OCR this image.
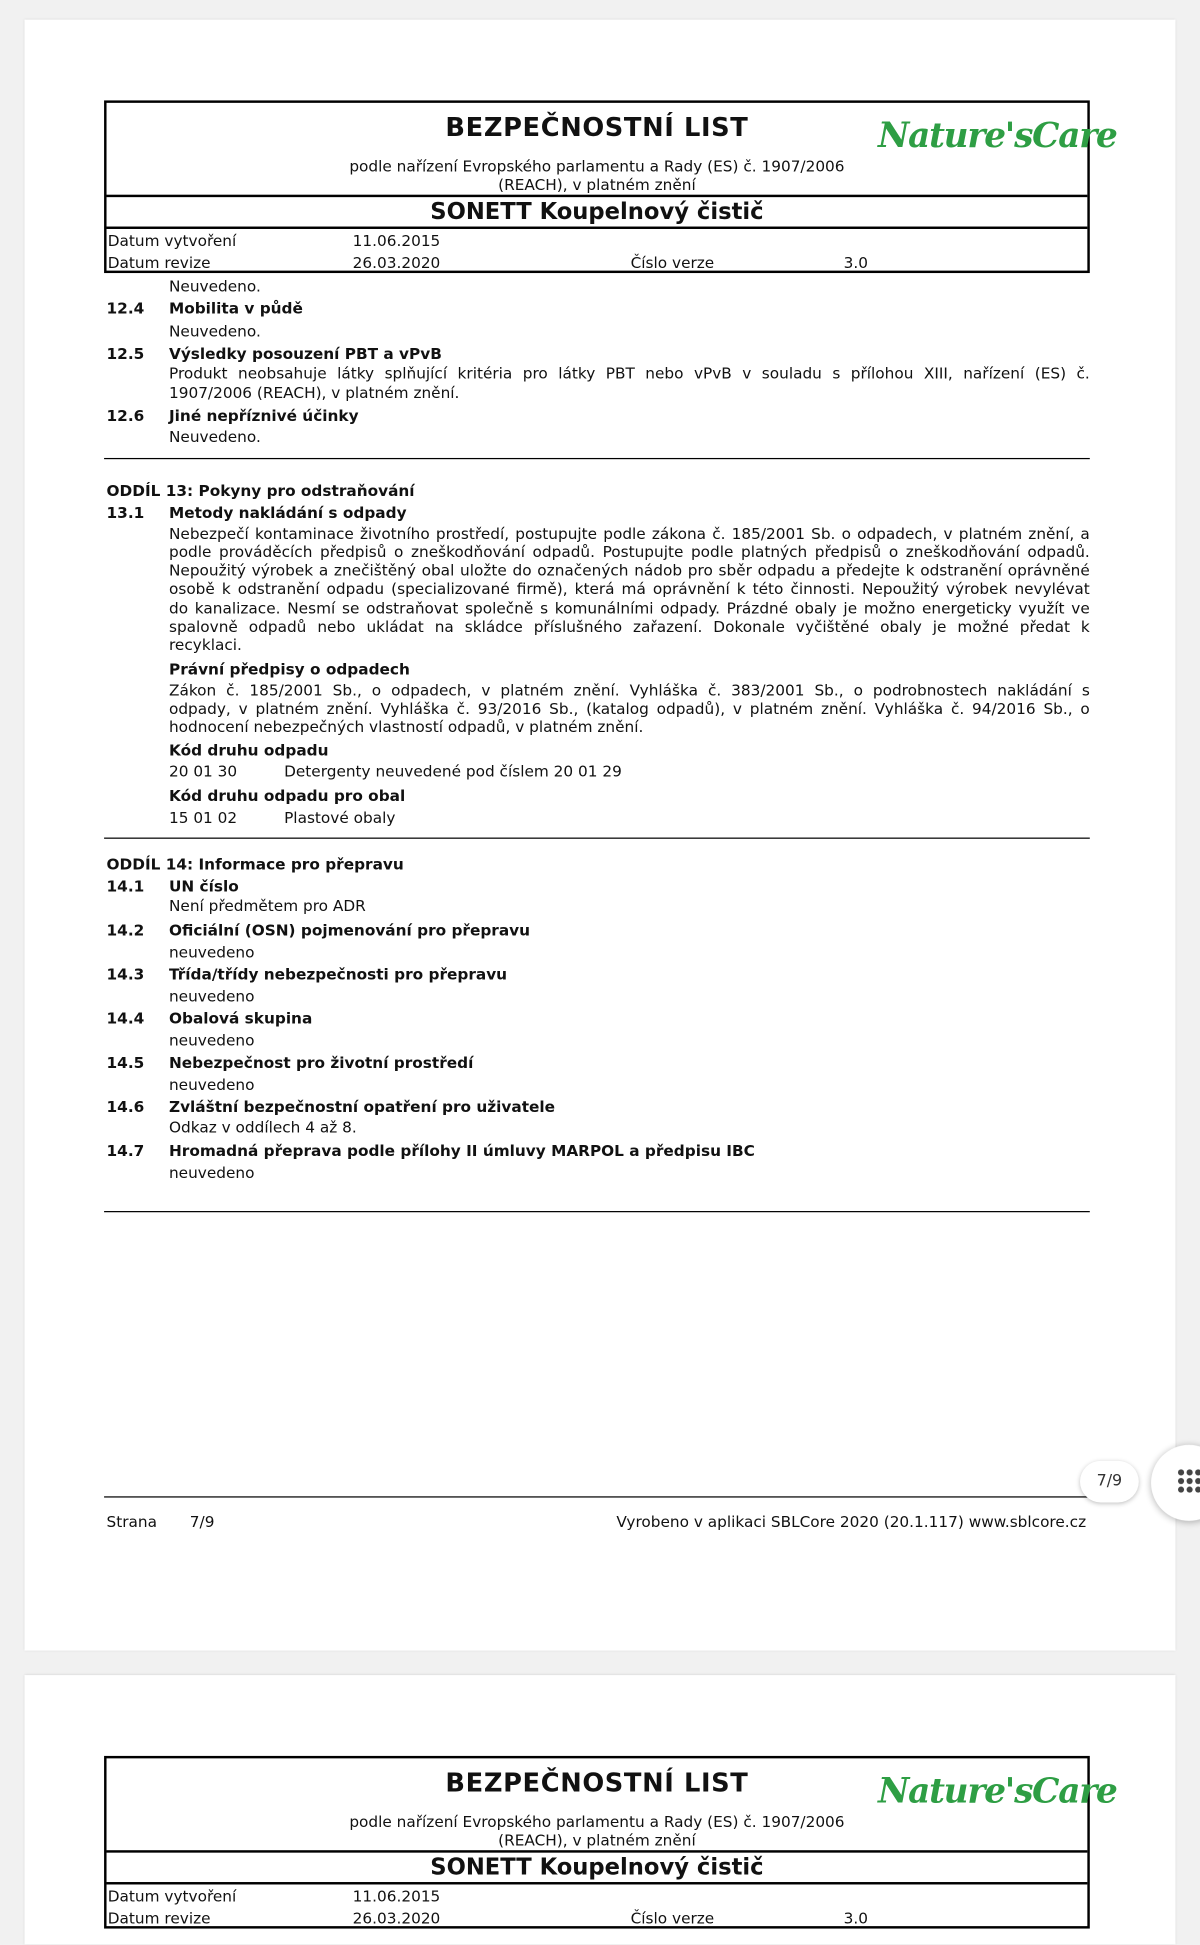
BEZPEČNOSTNÍ LIST
podle nařízení Evropského parlamentu a Rady (ES) č. 1907/2006
(REACH), v platném znění
Nature'sCare
SONETT Koupelnový čistič
Datum vytvoření	11.06.2015
Datum revize	26.03.2020	Číslo verze	3.0
Neuvedeno.
12.4 Mobilita v půdě
Neuvedeno.
12.5 Výsledky posouzení PBT a vPvB
Produkt neobsahuje látky splňující kritéria pro látky PBT nebo vPvB v souladu s přílohou XIII, nařízení (ES) č.
1907/2006 (REACH), v platném znění.
12.6 Jiné nepříznivé účinky
Neuvedeno.
ODDÍL 13: Pokyny pro odstraňování
13.1 Metody nakládání s odpady
Nebezpečí kontaminace životního prostředí, postupujte podle zákona č. 185/2001 Sb. o odpadech, v platném znění, a
podle prováděcích předpisů o zneškodňování odpadů. Postupujte podle platných předpisů o zneškodňování odpadů.
Nepoužitý výrobek a znečištěný obal uložte do označených nádob pro sběr odpadu a předejte k odstranění oprávněné
osobě k odstranění odpadu (specializované firmě), která má oprávnění k této činnosti. Nepoužitý výrobek nevylévat
do kanalizace. Nesmí se odstraňovat společně s komunálními odpady. Prázdné obaly je možno energeticky využít ve
spalovně odpadů nebo ukládat na skládce příslušného zařazení. Dokonale vyčištěné obaly je možné předat k
recyklaci.
Právní předpisy o odpadech
Zákon č. 185/2001 Sb., o odpadech, v platném znění. Vyhláška č. 383/2001 Sb., o podrobnostech nakládání s
odpady, v platném znění. Vyhláška č. 93/2016 Sb., (katalog odpadů), v platném znění. Vyhláška č. 94/2016 Sb., o
hodnocení nebezpečných vlastností odpadů, v platném znění.
Kód druhu odpadu
20 01 30	Detergenty neuvedené pod číslem 20 01 29
Kód druhu odpadu pro obal
15 01 02	Plastové obaly
ODDÍL 14: Informace pro přepravu
14.1 UN číslo
Není předmětem pro ADR
14.2 Oficiální (OSN) pojmenování pro přepravu
neuvedeno
14.3 Třída/třídy nebezpečnosti pro přepravu
neuvedeno
14.4 Obalová skupina
neuvedeno
14.5 Nebezpečnost pro životní prostředí
neuvedeno
14.6 Zvláštní bezpečnostní opatření pro uživatele
Odkaz v oddílech 4 až 8.
14.7 Hromadná přeprava podle přílohy II úmluvy MARPOL a předpisu IBC
neuvedeno
Strana	7/9	Vyrobeno v aplikaci SBLCore 2020 (20.1.117) www.sblcore.cz
BEZPEČNOSTNÍ LIST
podle nařízení Evropského parlamentu a Rady (ES) č. 1907/2006
(REACH), v platném znění
Nature'sCare
SONETT Koupelnový čistič
Datum vytvoření	11.06.2015
Datum revize	26.03.2020	Číslo verze	3.0
7/9
